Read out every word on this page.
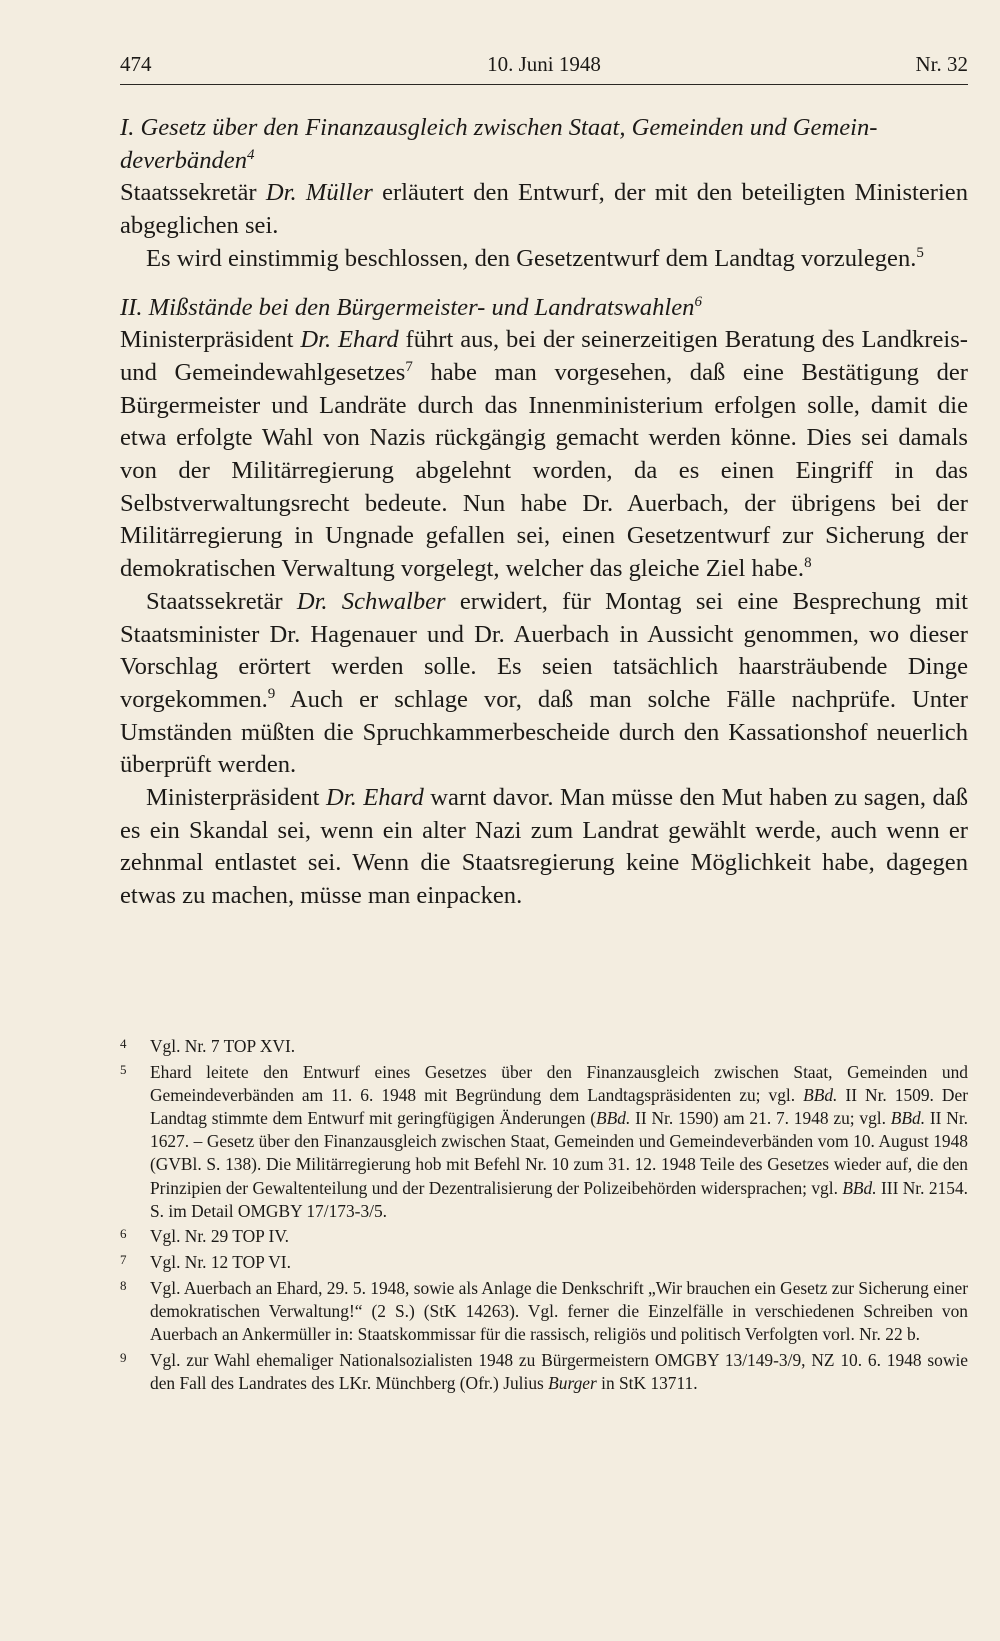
474	10. Juni 1948	Nr. 32

I. Gesetz über den Finanzausgleich zwischen Staat, Gemeinden und Gemeindeverbänden$^4$

Staatssekretär Dr. Müller erläutert den Entwurf, der mit den beteiligten Ministerien abgeglichen sei.

Es wird einstimmig beschlossen, den Gesetzentwurf dem Landtag vorzulegen.$^5$

II. Mißstände bei den Bürgermeister- und Landratswahlen$^6$

Ministerpräsident Dr. Ehard führt aus, bei der seinerzeitigen Beratung des Landkreis- und Gemeindewahlgesetzes$^7$ habe man vorgesehen, daß eine Bestätigung der Bürgermeister und Landräte durch das Innenministerium erfolgen solle, damit die etwa erfolgte Wahl von Nazis rückgängig gemacht werden könne. Dies sei damals von der Militärregierung abgelehnt worden, da es einen Eingriff in das Selbstverwaltungsrecht bedeute. Nun habe Dr. Auerbach, der übrigens bei der Militärregierung in Ungnade gefallen sei, einen Gesetzentwurf zur Sicherung der demokratischen Verwaltung vorgelegt, welcher das gleiche Ziel habe.$^8$

Staatssekretär Dr. Schwalber erwidert, für Montag sei eine Besprechung mit Staatsminister Dr. Hagenauer und Dr. Auerbach in Aussicht genommen, wo dieser Vorschlag erörtert werden solle. Es seien tatsächlich haarsträubende Dinge vorgekommen.$^9$ Auch er schlage vor, daß man solche Fälle nachprüfe. Unter Umständen müßten die Spruchkammerbescheide durch den Kassationshof neuerlich überprüft werden.

Ministerpräsident Dr. Ehard warnt davor. Man müsse den Mut haben zu sagen, daß es ein Skandal sei, wenn ein alter Nazi zum Landrat gewählt werde, auch wenn er zehnmal entlastet sei. Wenn die Staatsregierung keine Möglichkeit habe, dagegen etwas zu machen, müsse man einpacken.

4 Vgl. Nr. 7 TOP XVI.

5 Ehard leitete den Entwurf eines Gesetzes über den Finanzausgleich zwischen Staat, Gemeinden und Gemeindeverbänden am 11. 6. 1948 mit Begründung dem Landtagspräsidenten zu; vgl. BBd. II Nr. 1509. Der Landtag stimmte dem Entwurf mit geringfügigen Änderungen (BBd. II Nr. 1590) am 21. 7. 1948 zu; vgl. BBd. II Nr. 1627. – Gesetz über den Finanzausgleich zwischen Staat, Gemeinden und Gemeindeverbänden vom 10. August 1948 (GVBl. S. 138). Die Militärregierung hob mit Befehl Nr. 10 zum 31. 12. 1948 Teile des Gesetzes wieder auf, die den Prinzipien der Gewaltenteilung und der Dezentralisierung der Polizeibehörden widersprachen; vgl. BBd. III Nr. 2154. S. im Detail OMGBY 17/173-3/5.

6 Vgl. Nr. 29 TOP IV.

7 Vgl. Nr. 12 TOP VI.

8 Vgl. Auerbach an Ehard, 29. 5. 1948, sowie als Anlage die Denkschrift „Wir brauchen ein Gesetz zur Sicherung einer demokratischen Verwaltung!“ (2 S.) (StK 14263). Vgl. ferner die Einzelfälle in verschiedenen Schreiben von Auerbach an Ankermüller in: Staatskommissar für die rassisch, religiös und politisch Verfolgten vorl. Nr. 22 b.

9 Vgl. zur Wahl ehemaliger Nationalsozialisten 1948 zu Bürgermeistern OMGBY 13/149-3/9, NZ 10. 6. 1948 sowie den Fall des Landrates des LKr. Münchberg (Ofr.) Julius Burger in StK 13711.
